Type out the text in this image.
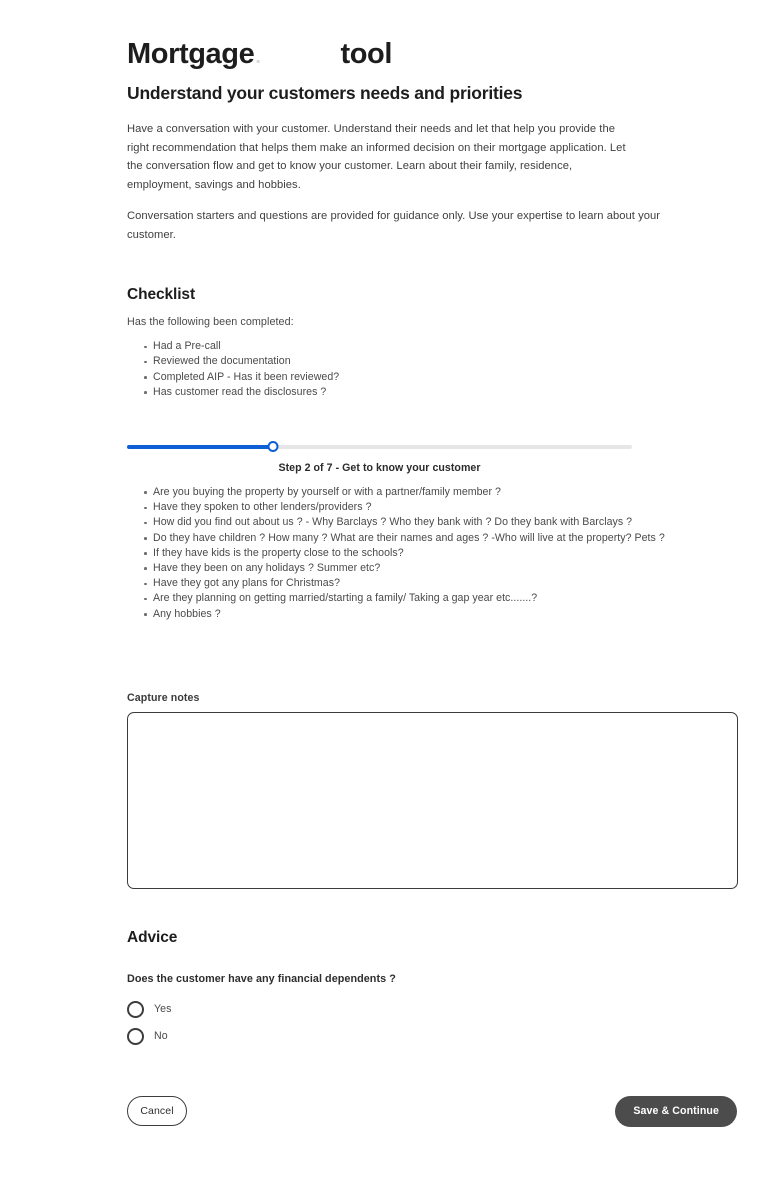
Mortgage .	tool
Understand your customers needs and priorities

Have a conversation with your customer. Understand their needs and let that help you provide the right recommendation that helps them make an informed decision on their mortgage application. Let the conversation flow and get to know your customer. Learn about their family, residence, employment, savings and hobbies.

Conversation starters and questions are provided for guidance only. Use your expertise to learn about your customer.

Checklist

Has the following been completed:

Had a Pre-call
Reviewed the documentation
Completed AIP - Has it been reviewed?
Has customer read the disclosures ?

Step 2 of 7 - Get to know your customer

Are you buying the property by yourself or with a partner/family member ?
Have they spoken to other lenders/providers ?
How did you find out about us ? - Why Barclays ? Who they bank with ? Do they bank with Barclays ?
Do they have children ? How many ? What are their names and ages ? -Who will live at the property? Pets ?
If they have kids is the property close to the schools?
Have they been on any holidays ? Summer etc?
Have they got any plans for Christmas?
Are they planning on getting married/starting a family/ Taking a gap year etc.......?
Any hobbies ?

Capture notes

Advice

Does the customer have any financial dependents ?

Yes
No
Cancel	Save & Continue
